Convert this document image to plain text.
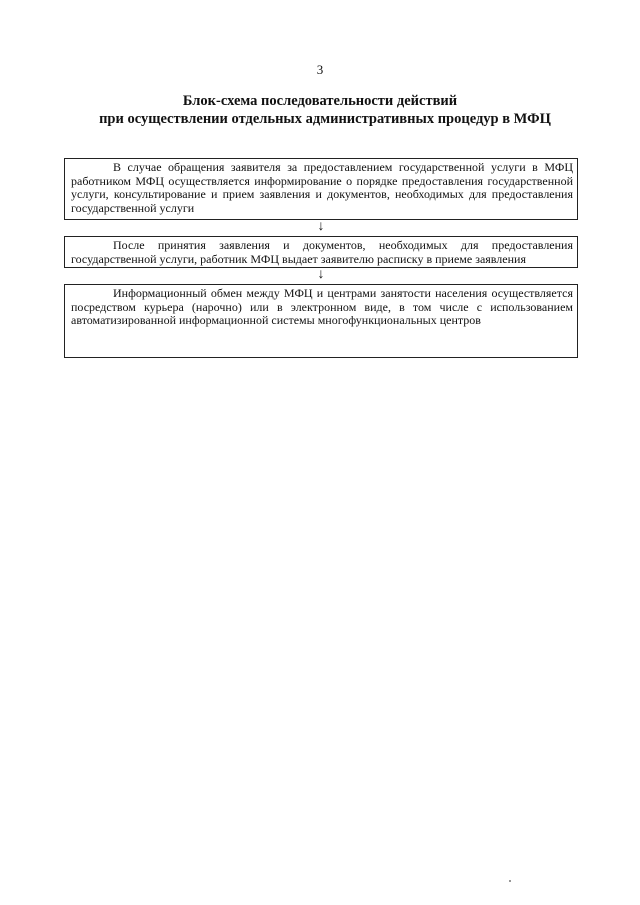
3
Блок-схема последовательности действий
при осуществлении отдельных административных процедур в МФЦ
В случае обращения заявителя за предоставлением государственной услуги в МФЦ работником МФЦ осуществляется информирование о порядке предоставления государственной услуги, консультирование и прием заявления и документов, необходимых для предоставления государственной услуги
↓
После принятия заявления и документов, необходимых для предоставления государственной услуги, работник МФЦ выдает заявителю расписку в приеме заявления
↓
Информационный обмен между МФЦ и центрами занятости населения осуществляется посредством курьера (нарочно) или в электронном виде, в том числе с использованием автоматизированной информационной системы многофункциональных центров
